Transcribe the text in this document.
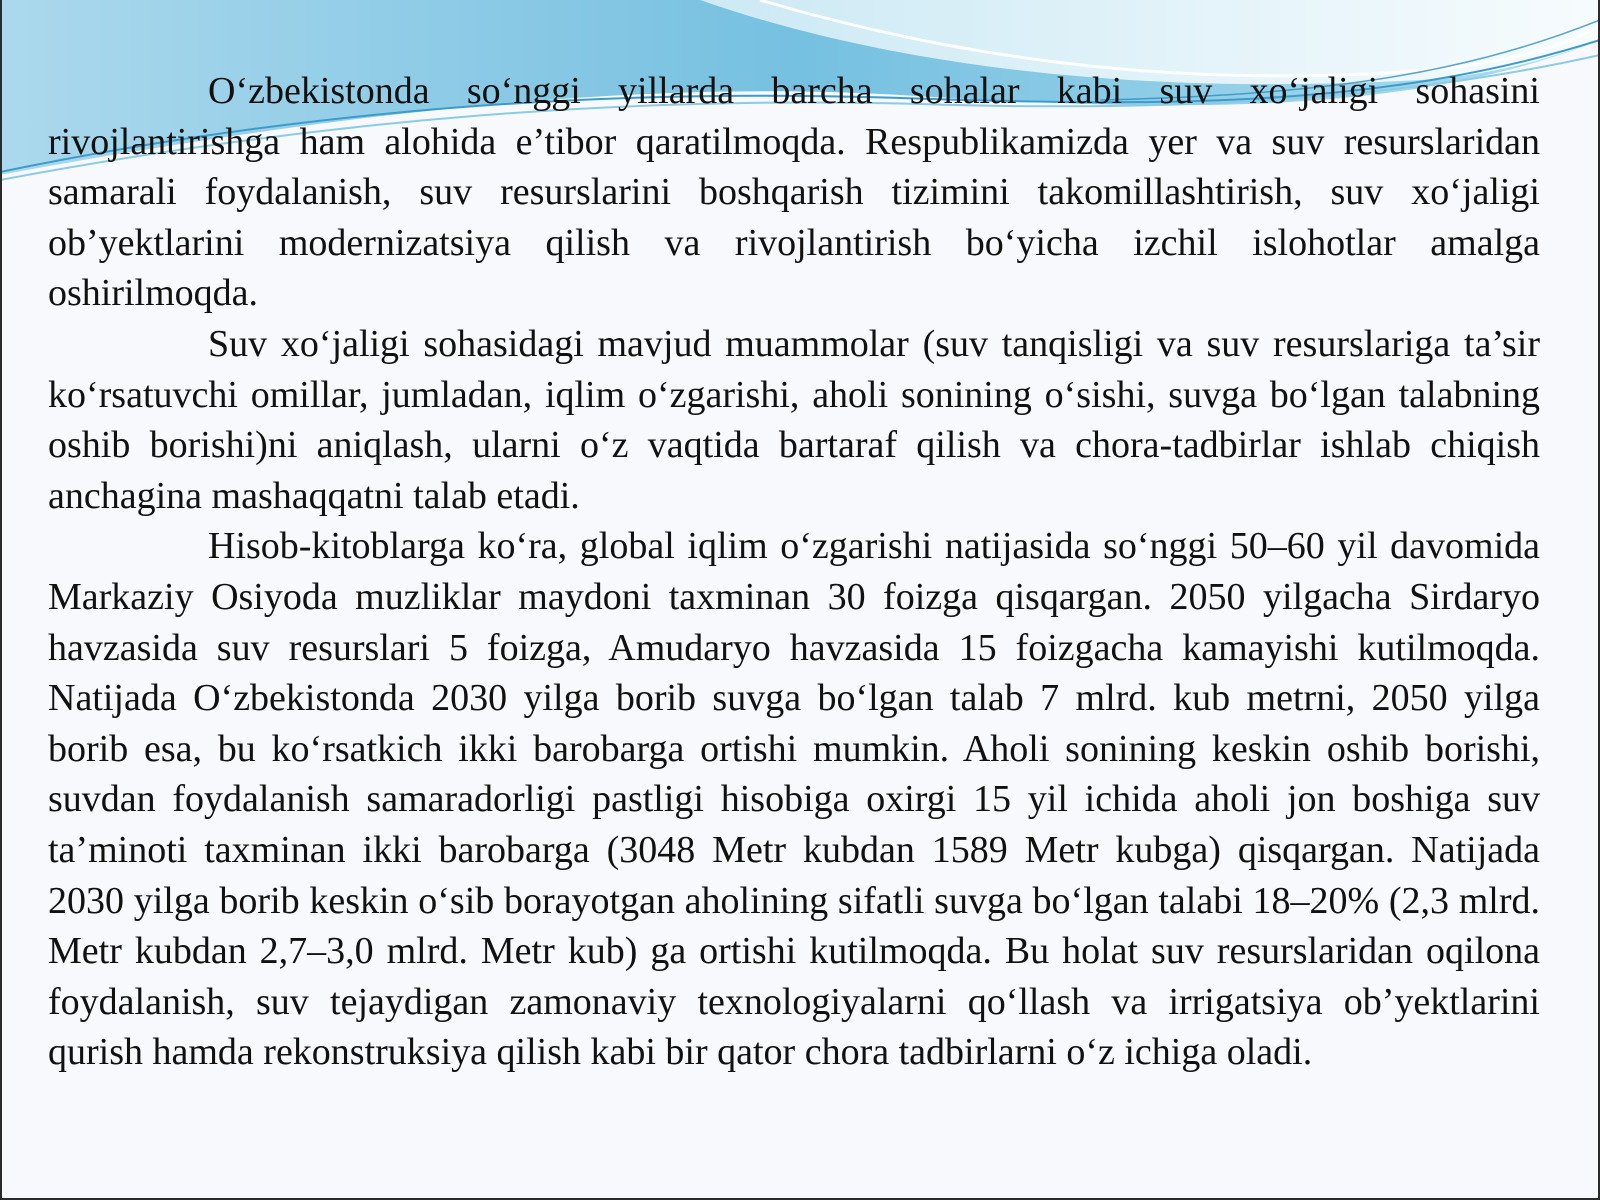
O‘zbekistonda so‘nggi yillarda barcha sohalar kabi suv xo‘jaligi sohasini rivojlantirishga ham alohida e’tibor qaratilmoqda. Respublikamizda yer va suv resurslaridan samarali foydalanish, suv resurslarini boshqarish tizimini takomillashtirish, suv xo‘jaligi ob’yektlarini modernizatsiya qilish va rivojlantirish bo‘yicha izchil islohotlar amalga oshirilmoqda.

Suv xo‘jaligi sohasidagi mavjud muammolar (suv tanqisligi va suv resurslariga ta’sir ko‘rsatuvchi omillar, jumladan, iqlim o‘zgarishi, aholi sonining o‘sishi, suvga bo‘lgan talabning oshib borishi)ni aniqlash, ularni o‘z vaqtida bartaraf qilish va chora-tadbirlar ishlab chiqish anchagina mashaqqatni talab etadi.

Hisob-kitoblarga ko‘ra, global iqlim o‘zgarishi natijasida so‘nggi 50–60 yil davomida Markaziy Osiyoda muzliklar maydoni taxminan 30 foizga qisqargan. 2050 yilgacha Sirdaryo havzasida suv resurslari 5 foizga, Amudaryo havzasida 15 foizgacha kamayishi kutilmoqda. Natijada O‘zbekistonda 2030 yilga borib suvga bo‘lgan talab 7 mlrd. kub metrni, 2050 yilga borib esa, bu ko‘rsatkich ikki barobarga ortishi mumkin. Aholi sonining keskin oshib borishi, suvdan foydalanish samaradorligi pastligi hisobiga oxirgi 15 yil ichida aholi jon boshiga suv ta’minoti taxminan ikki barobarga (3048 Metr kubdan 1589 Metr kubga) qisqargan. Natijada 2030 yilga borib keskin o‘sib borayotgan aholining sifatli suvga bo‘lgan talabi 18–20% (2,3 mlrd. Metr kubdan 2,7–3,0 mlrd. Metr kub) ga ortishi kutilmoqda. Bu holat suv resurslaridan oqilona foydalanish, suv tejaydigan zamonaviy texnologiyalarni qo‘llash va irrigatsiya ob’yektlarini qurish hamda rekonstruksiya qilish kabi bir qator chora tadbirlarni o‘z ichiga oladi.
